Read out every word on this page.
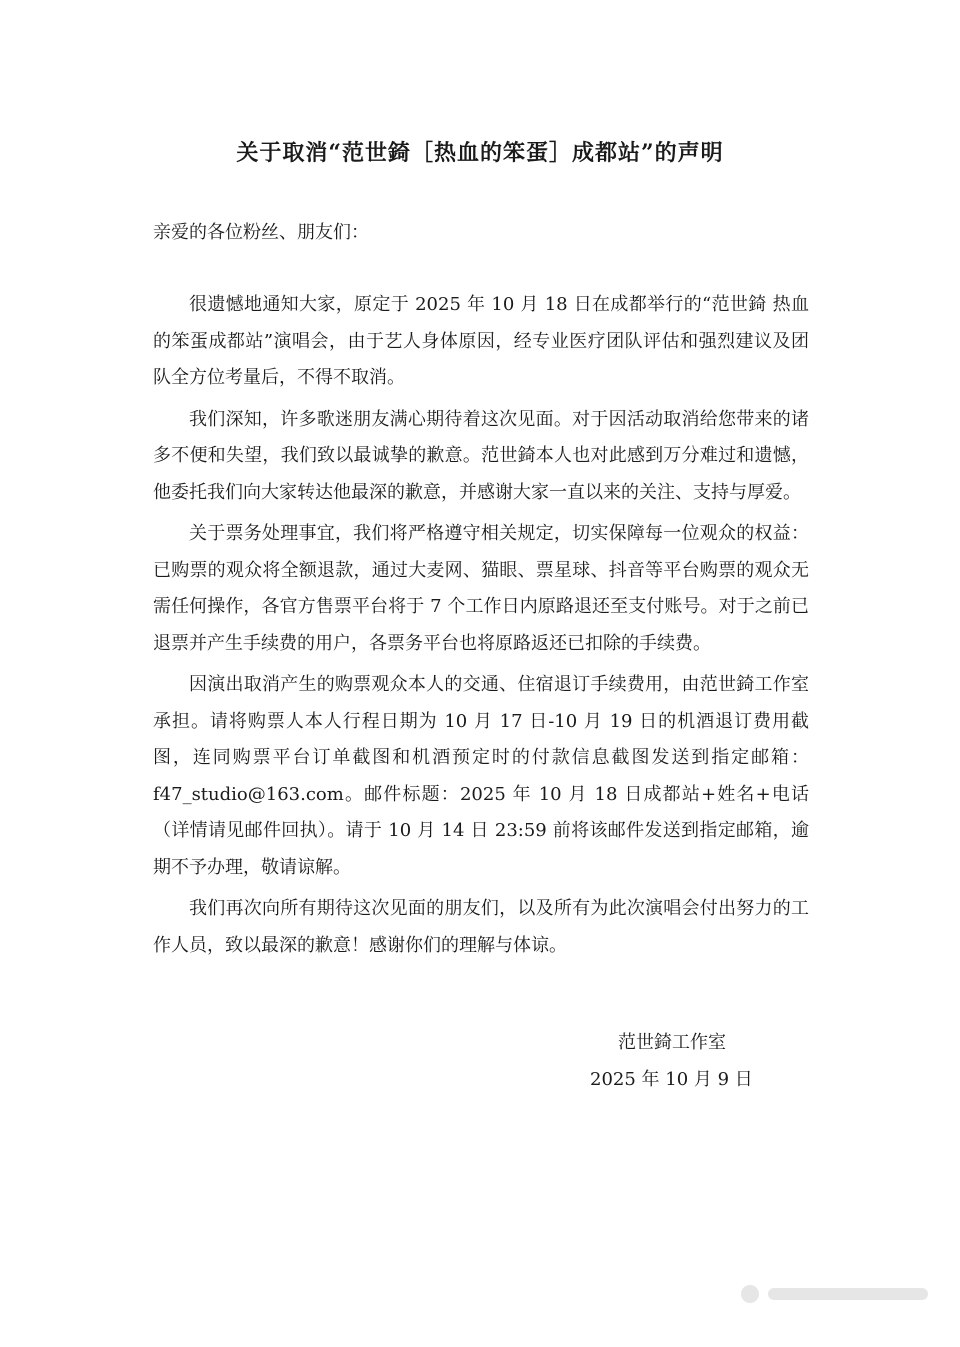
关于取消“范世錡［热血的笨蛋］成都站”的声明
亲爱的各位粉丝、朋友们：

很遗憾地通知大家，原定于 2025 年 10 月 18 日在成都举行的“范世錡 热血的笨蛋成都站”演唱会，由于艺人身体原因，经专业医疗团队评估和强烈建议及团队全方位考量后，不得不取消。

我们深知，许多歌迷朋友满心期待着这次见面。对于因活动取消给您带来的诸多不便和失望，我们致以最诚挚的歉意。范世錡本人也对此感到万分难过和遗憾，他委托我们向大家转达他最深的歉意，并感谢大家一直以来的关注、支持与厚爱。

关于票务处理事宜，我们将严格遵守相关规定，切实保障每一位观众的权益：已购票的观众将全额退款，通过大麦网、猫眼、票星球、抖音等平台购票的观众无需任何操作，各官方售票平台将于 7 个工作日内原路退还至支付账号。对于之前已退票并产生手续费的用户，各票务平台也将原路返还已扣除的手续费。

因演出取消产生的购票观众本人的交通、住宿退订手续费用，由范世錡工作室承担。请将购票人本人行程日期为 10 月 17 日-10 月 19 日的机酒退订费用截图，连同购票平台订单截图和机酒预定时的付款信息截图发送到指定邮箱：f47_studio@163.com。邮件标题：2025 年 10 月 18 日成都站+姓名+电话（详情请见邮件回执）。请于 10 月 14 日 23:59 前将该邮件发送到指定邮箱，逾期不予办理，敬请谅解。

我们再次向所有期待这次见面的朋友们，以及所有为此次演唱会付出努力的工作人员，致以最深的歉意！感谢你们的理解与体谅。

范世錡工作室
2025 年 10 月 9 日
